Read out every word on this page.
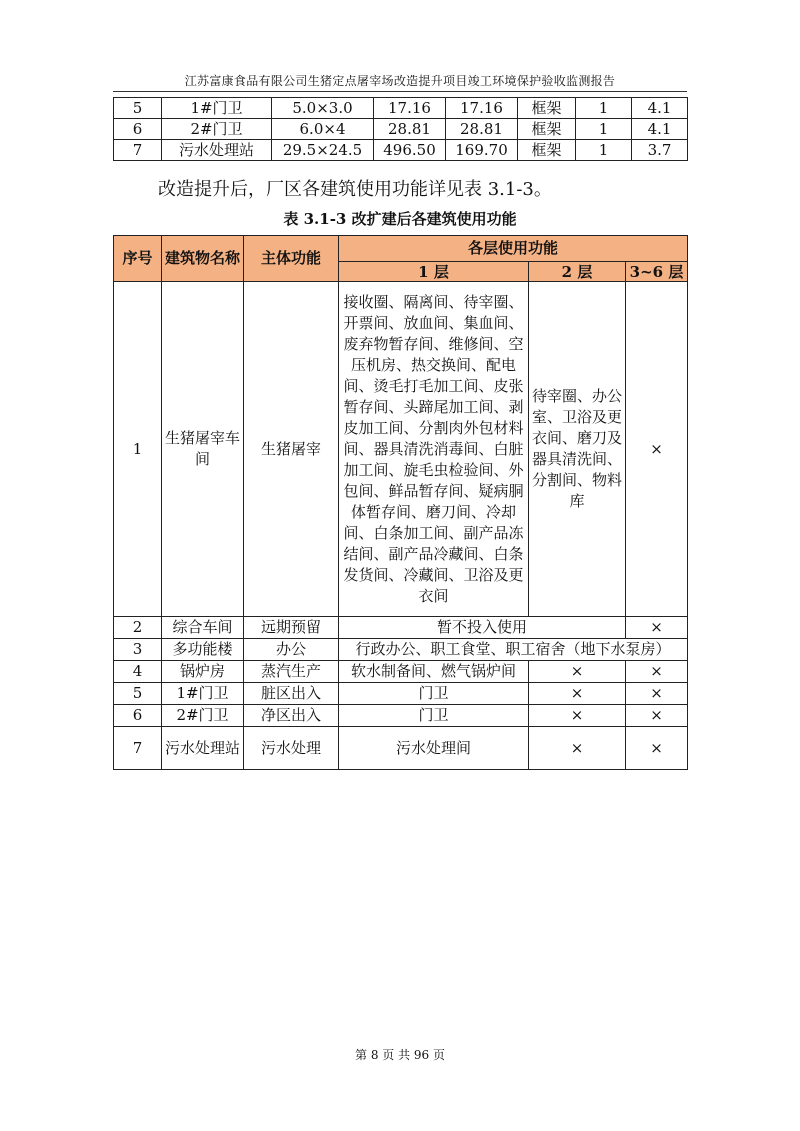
江苏富康食品有限公司生猪定点屠宰场改造提升项目竣工环境保护验收监测报告
5	1#门卫	5.0×3.0	17.16	17.16	框架	1	4.1
6	2#门卫	6.0×4	28.81	28.81	框架	1	4.1
7	污水处理站	29.5×24.5	496.50	169.70	框架	1	3.7
改造提升后，厂区各建筑使用功能详见表 3.1-3。
表 3.1-3 改扩建后各建筑使用功能
序号	建筑物名称	主体功能	各层使用功能		
			1 层	2 层	3~6 层
1	生猪屠宰车间	生猪屠宰	接收圈、隔离间、待宰圈、开票间、放血间、集血间、废弃物暂存间、维修间、空压机房、热交换间、配电间、烫毛打毛加工间、皮张暂存间、头蹄尾加工间、剥皮加工间、分割肉外包材料间、器具清洗消毒间、白脏加工间、旋毛虫检验间、外包间、鲜品暂存间、疑病胴体暂存间、磨刀间、冷却间、白条加工间、副产品冻结间、副产品冷藏间、白条发货间、冷藏间、卫浴及更衣间	待宰圈、办公室、卫浴及更衣间、磨刀及器具清洗间、分割间、物料库	×
2	综合车间	远期预留	暂不投入使用		×
3	多功能楼	办公	行政办公、职工食堂、职工宿舍（地下水泵房）		
4	锅炉房	蒸汽生产	软水制备间、燃气锅炉间	×	×
5	1#门卫	脏区出入	门卫	×	×
6	2#门卫	净区出入	门卫	×	×
7	污水处理站	污水处理	污水处理间	×	×
第 8 页 共 96 页
